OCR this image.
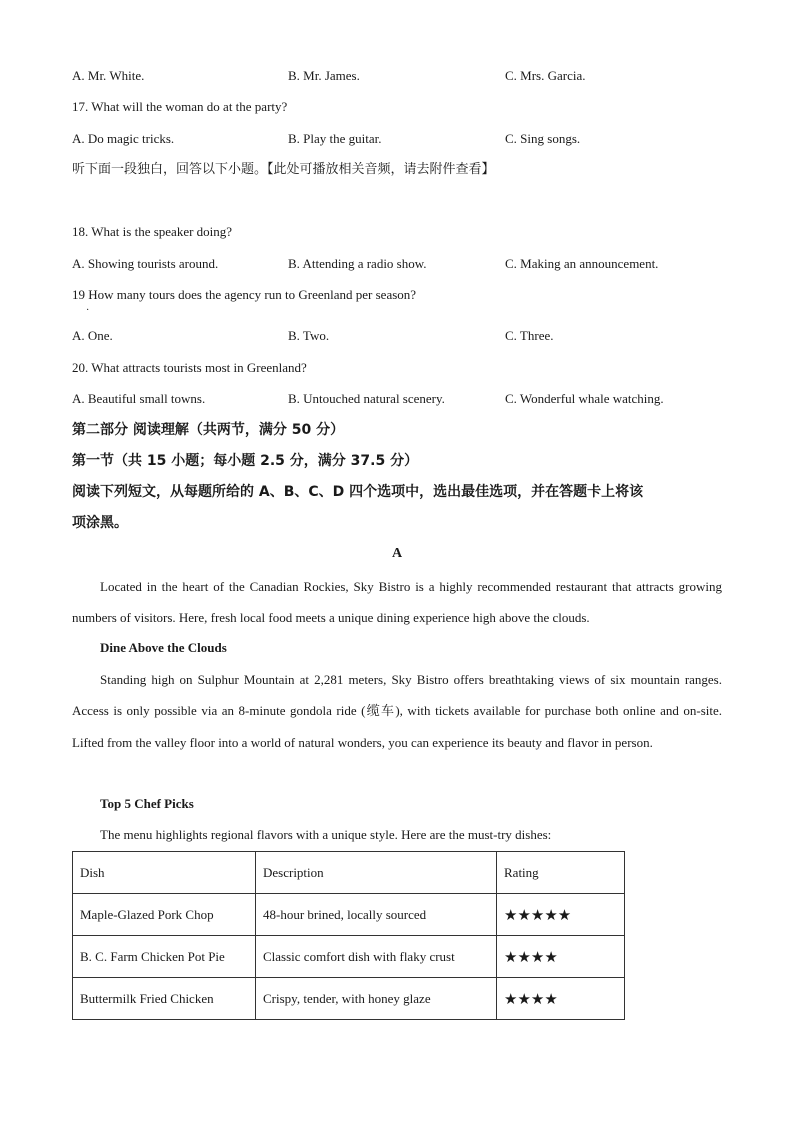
A. Mr. White.	B. Mr. James.	C. Mrs. Garcia.
17. What will the woman do at the party?
A. Do magic tricks.	B. Play the guitar.	C. Sing songs.
听下面一段独白，回答以下小题。【此处可播放相关音频，请去附件查看】
18. What is the speaker doing?
A. Showing tourists around.	B. Attending a radio show.	C. Making an announcement.
19 How many tours does the agency run to Greenland per season?
·
A. One.	B. Two.	C. Three.
20. What attracts tourists most in Greenland?
A. Beautiful small towns.	B. Untouched natural scenery.	C. Wonderful whale watching.
第二部分 阅读理解（共两节，满分 50 分）
第一节（共 15 小题；每小题 2.5 分，满分 37.5 分）
阅读下列短文，从每题所给的 A、B、C、D 四个选项中，选出最佳选项，并在答题卡上将该
项涂黑。
A
Located in the heart of the Canadian Rockies, Sky Bistro is a highly recommended restaurant that attracts growing numbers of visitors. Here, fresh local food meets a unique dining experience high above the clouds.
Dine Above the Clouds
Standing high on Sulphur Mountain at 2,281 meters, Sky Bistro offers breathtaking views of six mountain ranges. Access is only possible via an 8-minute gondola ride (缆车), with tickets available for purchase both online and on-site. Lifted from the valley floor into a world of natural wonders, you can experience its beauty and flavor in person.
Top 5 Chef Picks
The menu highlights regional flavors with a unique style. Here are the must-try dishes:
Dish	Description	Rating
Maple-Glazed Pork Chop	48-hour brined, locally sourced	★★★★★
B. C. Farm Chicken Pot Pie	Classic comfort dish with flaky crust	★★★★
Buttermilk Fried Chicken	Crispy, tender, with honey glaze	★★★★
